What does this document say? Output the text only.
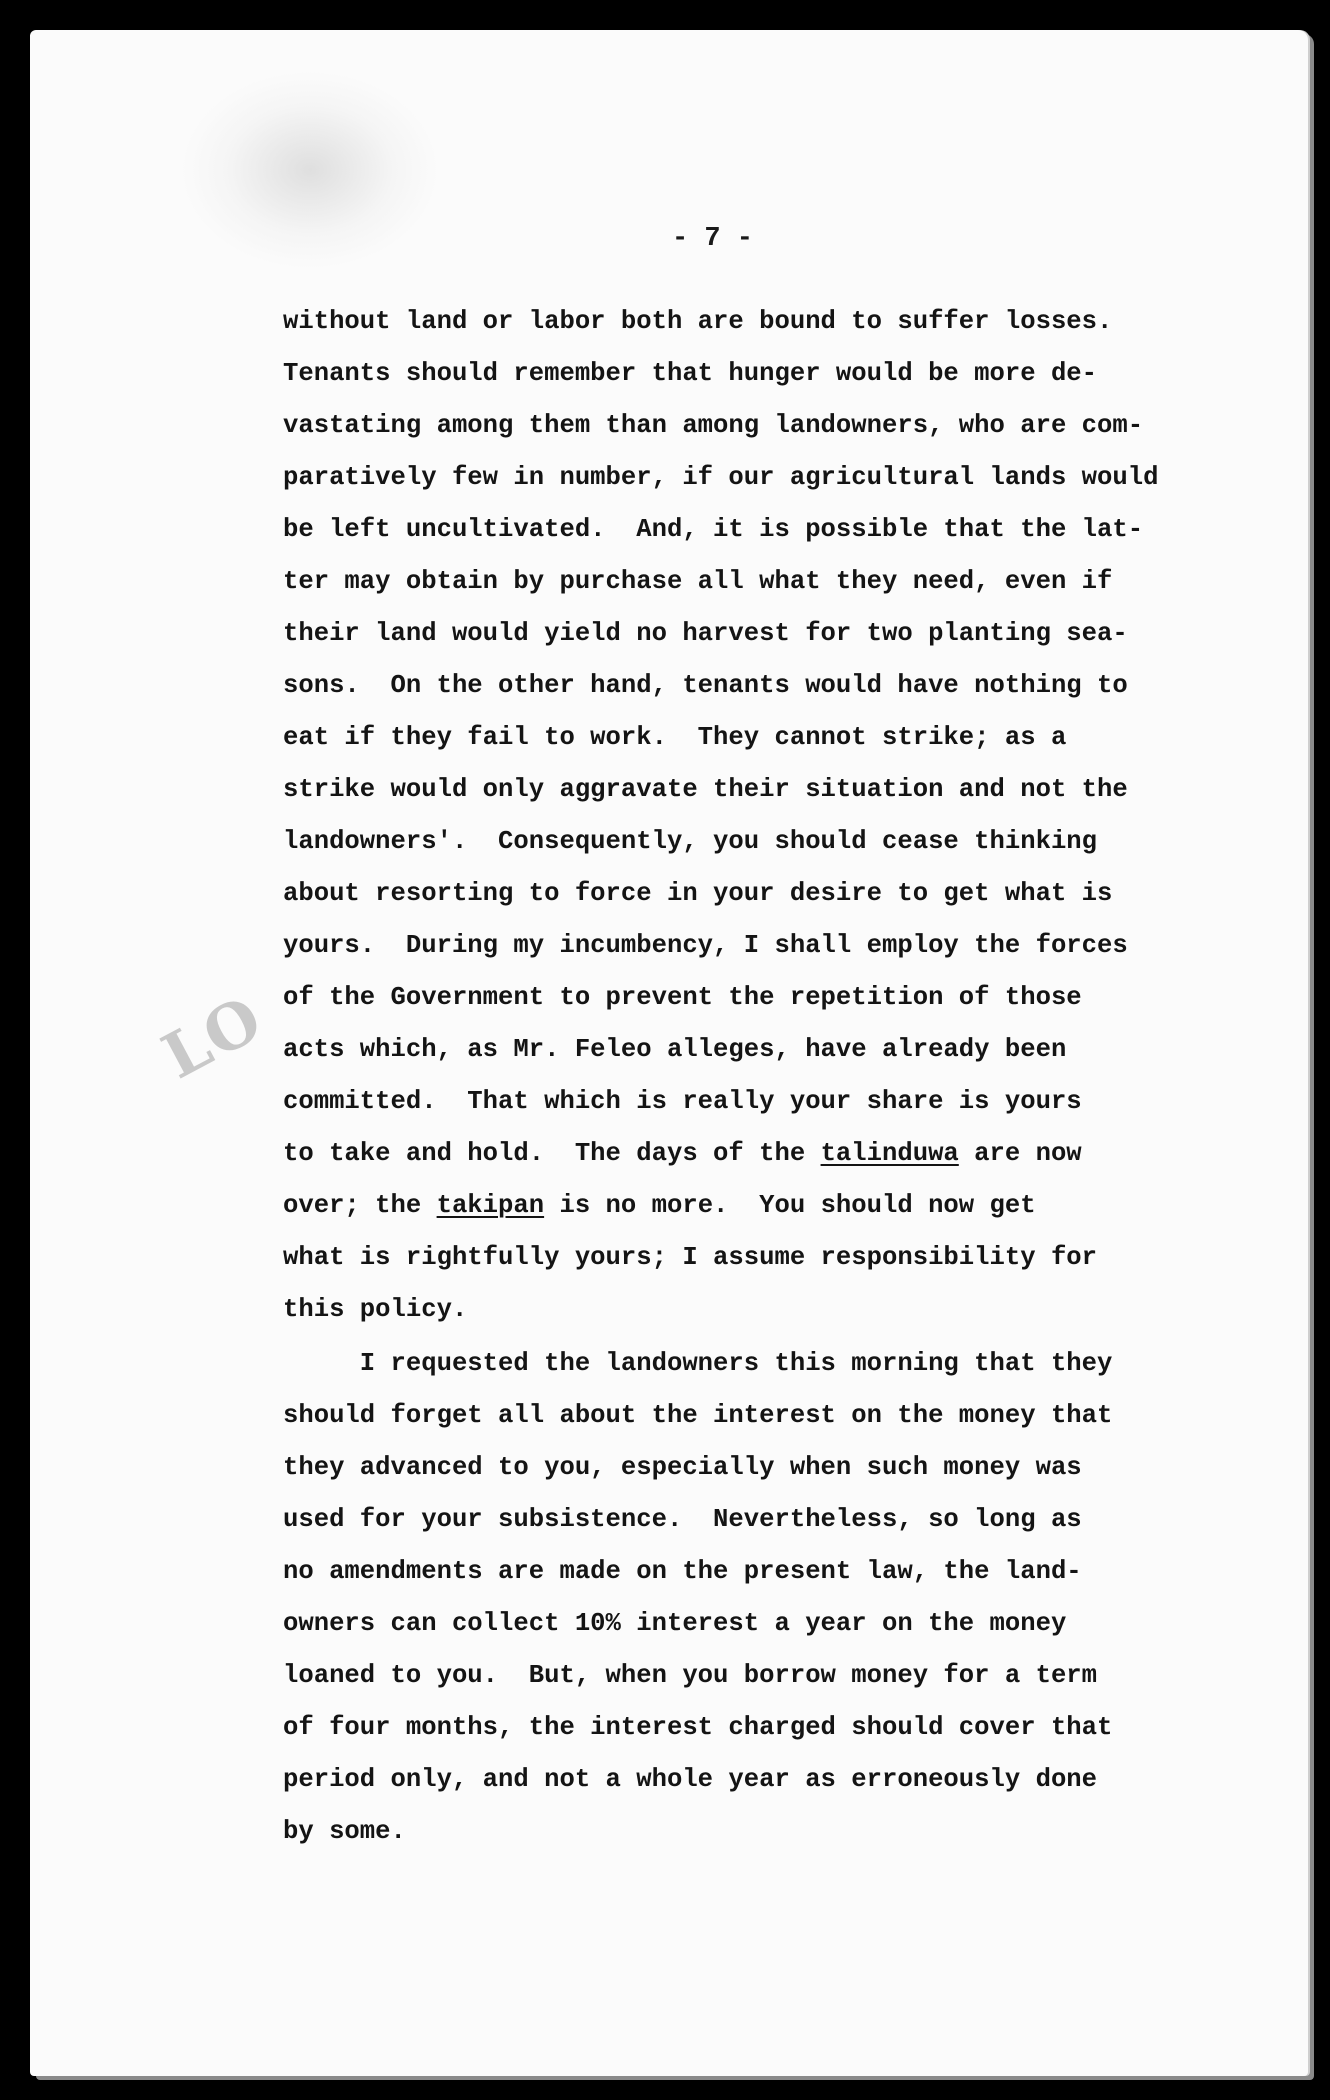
LO
- 7 -
without land or labor both are bound to suffer losses.
Tenants should remember that hunger would be more de-
vastating among them than among landowners, who are com-
paratively few in number, if our agricultural lands would
be left uncultivated.  And, it is possible that the lat-
ter may obtain by purchase all what they need, even if
their land would yield no harvest for two planting sea-
sons.  On the other hand, tenants would have nothing to
eat if they fail to work.  They cannot strike; as a
strike would only aggravate their situation and not the
landowners'.  Consequently, you should cease thinking
about resorting to force in your desire to get what is
yours.  During my incumbency, I shall employ the forces
of the Government to prevent the repetition of those
acts which, as Mr. Feleo alleges, have already been
committed.  That which is really your share is yours
to take and hold.  The days of the talinduwa are now
over; the takipan is no more.  You should now get
what is rightfully yours; I assume responsibility for
this policy.
I requested the landowners this morning that they
should forget all about the interest on the money that
they advanced to you, especially when such money was
used for your subsistence.  Nevertheless, so long as
no amendments are made on the present law, the land-
owners can collect 10% interest a year on the money
loaned to you.  But, when you borrow money for a term
of four months, the interest charged should cover that
period only, and not a whole year as erroneously done
by some.
